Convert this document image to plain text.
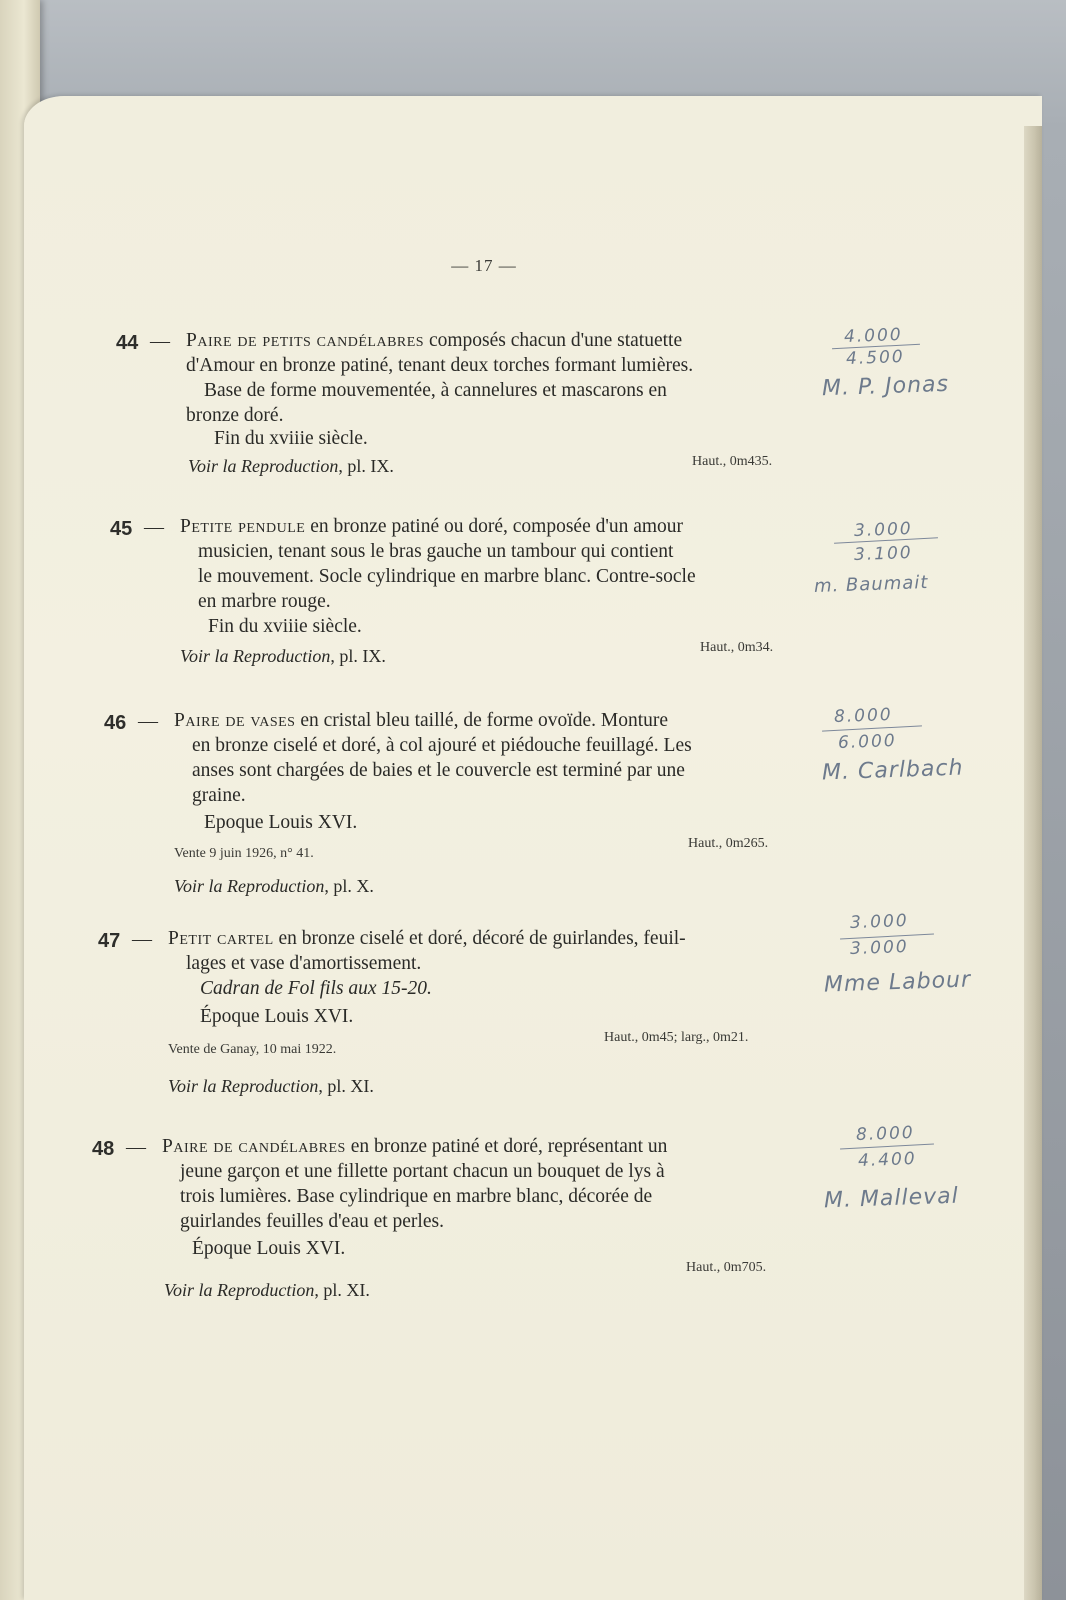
— 17 —
44 — Paire de petits candélabres composés chacun d'une statuette
d'Amour en bronze patiné, tenant deux torches formant lumières.
Base de forme mouvementée, à cannelures et mascarons en
bronze doré.
Fin du xviiie siècle.
Haut., 0m435.
Voir la Reproduction, pl. IX.
4.000
4.500
M. P. Jonas
45 — Petite pendule en bronze patiné ou doré, composée d'un amour
musicien, tenant sous le bras gauche un tambour qui contient
le mouvement. Socle cylindrique en marbre blanc. Contre-socle
en marbre rouge.
Fin du xviiie siècle.
Haut., 0m34.
Voir la Reproduction, pl. IX.
3.000
3.100
m. Baumait
46 — Paire de vases en cristal bleu taillé, de forme ovoïde. Monture
en bronze ciselé et doré, à col ajouré et piédouche feuillagé. Les
anses sont chargées de baies et le couvercle est terminé par une
graine.
Epoque Louis XVI.
Haut., 0m265.
Vente 9 juin 1926, n° 41.
Voir la Reproduction, pl. X.
8.000
6.000
M. Carlbach
47 — Petit cartel en bronze ciselé et doré, décoré de guirlandes, feuil-
lages et vase d'amortissement.
Cadran de Fol fils aux 15-20.
Époque Louis XVI.
Haut., 0m45; larg., 0m21.
Vente de Ganay, 10 mai 1922.
Voir la Reproduction, pl. XI.
3.000
3.000
Mme Labour
48 — Paire de candélabres en bronze patiné et doré, représentant un
jeune garçon et une fillette portant chacun un bouquet de lys à
trois lumières. Base cylindrique en marbre blanc, décorée de
guirlandes feuilles d'eau et perles.
Époque Louis XVI.
Haut., 0m705.
Voir la Reproduction, pl. XI.
8.000
4.400
M. Malleval
